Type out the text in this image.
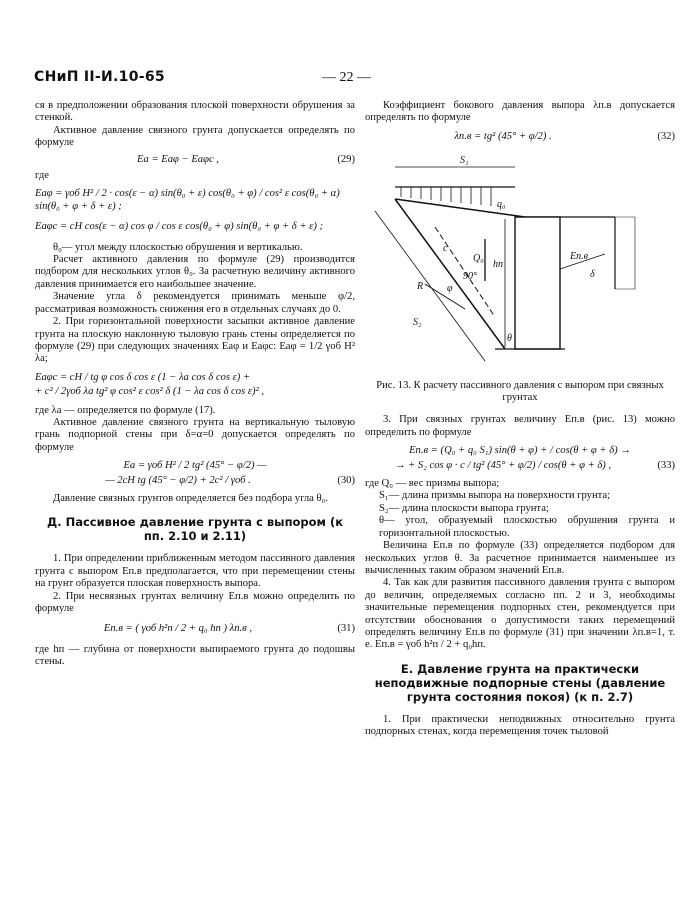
СНиП II-И.10-65	— 22 —

ся в предположении образования плоской поверхности обрушения за стенкой.

Активное давление связного грунта допускается определять по формуле

Eа = Eаφ − Eаφс ,	(29)

где

Eаφ = γоб H² / 2 · cos(ε − α) sin(θ₀ + ε) cos(θ₀ + φ) / cos² ε cos(θ₀ + α) sin(θ₀ + φ + δ + ε) ;
Eаφс = cH cos(ε − α) cos φ / cos ε cos(θ₀ + φ) sin(θ₀ + φ + δ + ε) ;

θ₀— угол между плоскостью обрушения и вертикалью.

Расчет активного давления по формуле (29) производится подбором для нескольких углов θ₀. За расчетную величину активного давления принимается его наибольшее значение.

Значение угла δ рекомендуется принимать меньше φ/2, рассматривая возможность снижения его в отдельных случаях до 0.

2. При горизонтальной поверхности засыпки активное давление грунта на плоскую наклонную тыловую грань стены определяется по формуле (29) при следующих значениях Eаφ и Eаφс: Eаφ = 1/2 γоб H² λа;

Eаφс = cH / tg φ cos δ cos ε (1 − λа cos δ cos ε) +
+ c² / 2γоб λа tg² φ cos² ε cos² δ (1 − λа cos δ cos ε)² ,

где λа — определяется по формуле (17).

Активное давление связного грунта на вертикальную тыловую грань подпорной стены при δ=α=0 допускается определять по формуле

Eа = γоб H² / 2 tg² (45° − φ/2) —
— 2cH tg (45° − φ/2) + 2c² / γоб .	(30)

Давление связных грунтов определяется без подбора угла θ₀.

Д. Пассивное давление грунта с выпором (к пп. 2.10 и 2.11)

1. При определении приближенным методом пассивного давления грунта с выпором Eп.в предполагается, что при перемещении стены на грунт образуется плоская поверхность выпора.

2. При несвязных грунтах величину Eп.в можно определить по формуле

Eп.в = ( γоб h²п / 2 + q₀ hп ) λп.в ,	(31)

где hп — глубина от поверхности выпираемого грунта до подошвы стены.

Коэффициент бокового давления выпора λп.в допускается определять по формуле

λп.в = tg² (45° + φ/2) .	(32)
S₁
q₀
c
Eп.в
δ
hп
Q₀
R φ
90°
S₂
θ

Рис. 13. К расчету пассивного давления с выпором при связных грунтах

3. При связных грунтах величину Eп.в (рис. 13) можно определить по формуле

Eп.в = (Q₀ + q₀ S₁) sin(θ + φ) + / cos(θ + φ + δ) →
→ + S₂ cos φ · c / tg² (45° + φ/2) / cos(θ + φ + δ) ,	(33)

где Q₀ — вес призмы выпора;

S₁— длина призмы выпора на поверхности грунта;

S₂— длина плоскости выпора грунта;

θ— угол, образуемый плоскостью обрушения грунта и горизонтальной плоскостью.

Величина Eп.в по формуле (33) определяется подбором для нескольких углов θ. За расчетное принимается наименьшее из вычисленных таким образом значений Eп.в.

4. Так как для развития пассивного давления грунта с выпором до величин, определяемых согласно пп. 2 и 3, необходимы значительные перемещения подпорных стен, рекомендуется при отсутствии обоснования о допустимости таких перемещений определять величину Eп.в по формуле (31) при значении λп.в=1, т. е. Eп.в = γоб h²п / 2 + q₀hп.

Е. Давление грунта на практически неподвижные подпорные стены (давление грунта состояния покоя) (к п. 2.7)

1. При практически неподвижных относительно грунта подпорных стенах, когда перемещения точек тыловой
